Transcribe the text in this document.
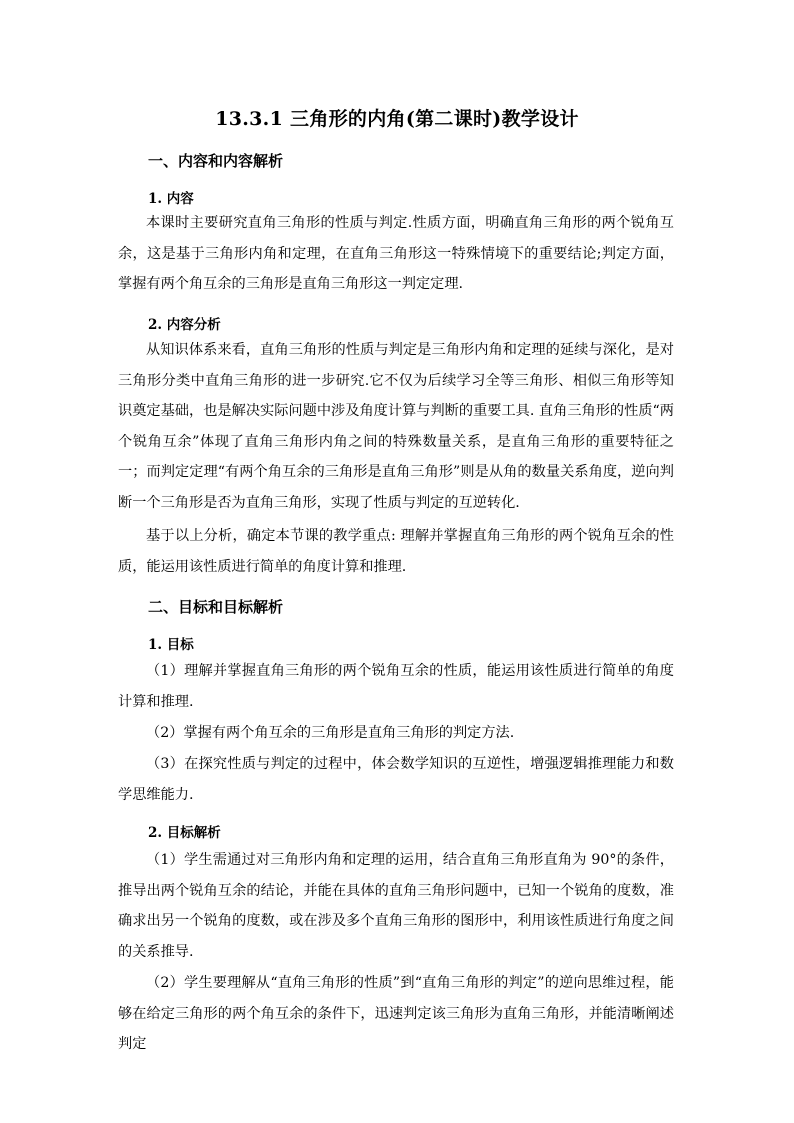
13.3.1 三角形的内角(第二课时)教学设计
一、内容和内容解析
1. 内容
本课时主要研究直角三角形的性质与判定.性质方面，明确直角三角形的两个锐角互余，这是基于三角形内角和定理，在直角三角形这一特殊情境下的重要结论;判定方面，掌握有两个角互余的三角形是直角三角形这一判定定理.
2. 内容分析
从知识体系来看，直角三角形的性质与判定是三角形内角和定理的延续与深化，是对三角形分类中直角三角形的进一步研究.它不仅为后续学习全等三角形、相似三角形等知识奠定基础，也是解决实际问题中涉及角度计算与判断的重要工具. 直角三角形的性质“两个锐角互余”体现了直角三角形内角之间的特殊数量关系，是直角三角形的重要特征之一；而判定定理“有两个角互余的三角形是直角三角形”则是从角的数量关系角度，逆向判断一个三角形是否为直角三角形，实现了性质与判定的互逆转化.
基于以上分析，确定本节课的教学重点: 理解并掌握直角三角形的两个锐角互余的性质，能运用该性质进行简单的角度计算和推理.
二、目标和目标解析
1. 目标
（1）理解并掌握直角三角形的两个锐角互余的性质，能运用该性质进行简单的角度计算和推理.
（2）掌握有两个角互余的三角形是直角三角形的判定方法.
（3）在探究性质与判定的过程中，体会数学知识的互逆性，增强逻辑推理能力和数学思维能力.
2. 目标解析
（1）学生需通过对三角形内角和定理的运用，结合直角三角形直角为 90°的条件，推导出两个锐角互余的结论，并能在具体的直角三角形问题中，已知一个锐角的度数，准确求出另一个锐角的度数，或在涉及多个直角三角形的图形中，利用该性质进行角度之间的关系推导.
（2）学生要理解从“直角三角形的性质”到“直角三角形的判定”的逆向思维过程，能够在给定三角形的两个角互余的条件下，迅速判定该三角形为直角三角形，并能清晰阐述判定
